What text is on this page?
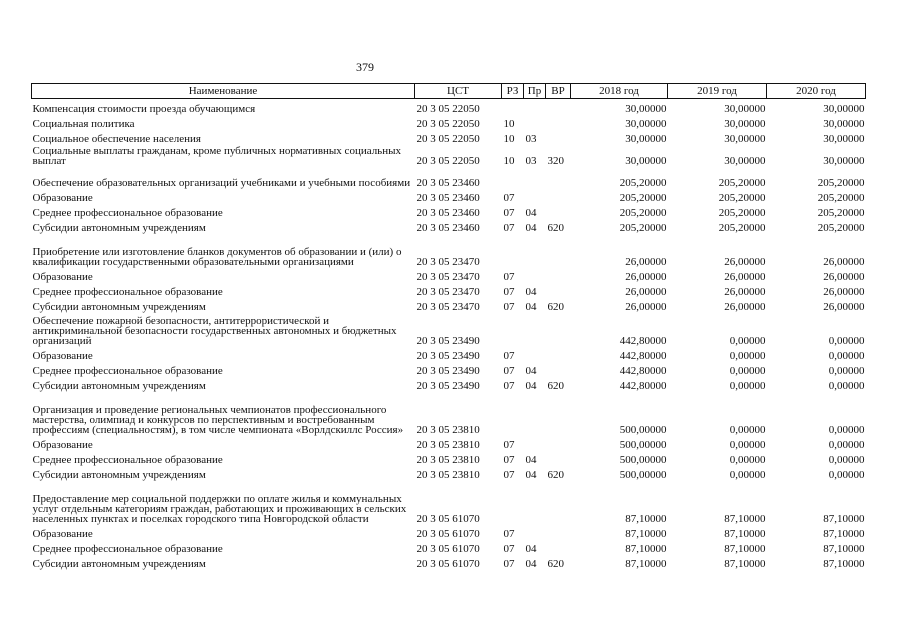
379
Наименование	ЦСТ	РЗ	Пр	ВР	2018 год	2019 год	2020 год
Компенсация стоимости проезда обучающимся	20 3 05 22050				30,00000	30,00000	30,00000
Социальная политика	20 3 05 22050	10			30,00000	30,00000	30,00000
Социальное обеспечение населения	20 3 05 22050	10	03		30,00000	30,00000	30,00000
Социальные выплаты гражданам, кроме публичных нормативных социальных выплат	20 3 05 22050	10	03	320	30,00000	30,00000	30,00000
Обеспечение образовательных организаций учебниками и учебными пособиями	20 3 05 23460				205,20000	205,20000	205,20000
Образование	20 3 05 23460	07			205,20000	205,20000	205,20000
Среднее профессиональное образование	20 3 05 23460	07	04		205,20000	205,20000	205,20000
Субсидии автономным учреждениям	20 3 05 23460	07	04	620	205,20000	205,20000	205,20000
Приобретение или изготовление бланков документов об образовании и (или) о квалификации государственными образовательными организациями	20 3 05 23470				26,00000	26,00000	26,00000
Образование	20 3 05 23470	07			26,00000	26,00000	26,00000
Среднее профессиональное образование	20 3 05 23470	07	04		26,00000	26,00000	26,00000
Субсидии автономным учреждениям	20 3 05 23470	07	04	620	26,00000	26,00000	26,00000
Обеспечение пожарной безопасности, антитеррористической и антикриминальной безопасности государственных автономных и бюджетных организаций	20 3 05 23490				442,80000	0,00000	0,00000
Образование	20 3 05 23490	07			442,80000	0,00000	0,00000
Среднее профессиональное образование	20 3 05 23490	07	04		442,80000	0,00000	0,00000
Субсидии автономным учреждениям	20 3 05 23490	07	04	620	442,80000	0,00000	0,00000
Организация и проведение региональных чемпионатов профессионального мастерства, олимпиад и конкурсов по перспективным и востребованным профессиям (специальностям), в том числе чемпионата «Ворлдскиллс Россия»	20 3 05 23810				500,00000	0,00000	0,00000
Образование	20 3 05 23810	07			500,00000	0,00000	0,00000
Среднее профессиональное образование	20 3 05 23810	07	04		500,00000	0,00000	0,00000
Субсидии автономным учреждениям	20 3 05 23810	07	04	620	500,00000	0,00000	0,00000
Предоставление мер социальной поддержки по оплате жилья и коммунальных услуг отдельным категориям граждан, работающих и проживающих в сельских населенных пунктах и поселках городского типа Новгородской области	20 3 05 61070				87,10000	87,10000	87,10000
Образование	20 3 05 61070	07			87,10000	87,10000	87,10000
Среднее профессиональное образование	20 3 05 61070	07	04		87,10000	87,10000	87,10000
Субсидии автономным учреждениям	20 3 05 61070	07	04	620	87,10000	87,10000	87,10000
